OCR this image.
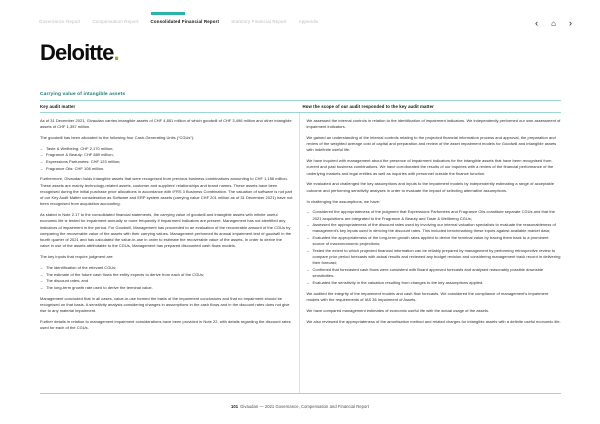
Governance Report	Compensation Report	Consolidated Financial Report	Statutory Financial Report	Appendix	‹ ⌂ ›
Deloitte.
Carrying value of intangible assets
Key audit matter	How the scope of our audit responded to the key audit matter

As of 31 December 2021, Givaudan carries intangible assets of CHF 4,851 million of which goodwill of CHF 3,496 million and other intangible assets of CHF 1,357 million.

The goodwill has been allocated to the following four Cash-Generating Units (“CGUs”):

– Taste & Wellbeing: CHF 2,170 million;
– Fragrance & Beauty: CHF 889 million;
– Expressions Parfumées: CHF 123 million;
– Fragrance Oils: CHF 108 million.

Furthermore, Givaudan holds intangible assets that were recognised from previous business combinations amounting to CHF 1,156 million. These assets are mainly technology-related assets, customer and suppliers' relationships and brand names. These assets have been recognised during the initial purchase price allocations in accordance with IFRS 3 Business Combination. The valuation of software is not part of our Key Audit Matter consideration as Software and ERP system assets (carrying value CHF 201 million as of 31 December 2021) have not been recognised from acquisition accounting.

As stated in Note 2.17 to the consolidated financial statements, the carrying value of goodwill and intangible assets with infinite useful economic life is tested for impairment annually or more frequently if impairment indicators are present. Management has not identified any indicators of impairment in the period. For Goodwill, Management has proceeded to an evaluation of the recoverable amount of the CGUs by comparing the recoverable value of the assets with their carrying values. Management performed its annual impairment test of goodwill in the fourth quarter of 2021 and has calculated the value-in-use in order to estimate the recoverable value of the assets. In order to derive the value in use of the assets attributable to the CGUs, Management has prepared discounted cash flows models.

The key inputs that require judgment are:

– The identification of the relevant CGUs;
– The estimate of the future cash flows the entity expects to derive from each of the CGUs;
– The discount rates; and
– The long-term growth rate used to derive the terminal value.

Management concluded that in all cases, value-in-use formed the basis of the impairment conclusions and that no impairment should be recognised on that basis. A sensitivity analysis considering changes in assumptions in the cash flows and in the discount rates does not give rise to any material impairment.

Further details in relation to management impairment considerations have been provided in Note 22, with details regarding the discount rates used for each of the CGUs.

We assessed the internal controls in relation to the identification of impairment indicators. We independently performed our own assessment of impairment indicators.

We gained an understanding of the internal controls relating to the projected financial information process and approval, the preparation and review of the weighted average cost of capital and preparation and review of the asset impairment models for Goodwill and intangible assets with indefinite useful life.

We have inquired with management about the presence of impairment indicators for the intangible assets that have been recognised from current and past business combinations. We have corroborated the results of our inquiries with a review of the financial performance of the underlying markets and legal entities as well as inquiries with personnel outside the finance function.

We evaluated and challenged the key assumptions and inputs to the impairment models by independently estimating a range of acceptable outcome and performing sensitivity analyses in order to evaluate the impact of selecting alternative assumptions.

In challenging the assumptions, we have:

– Considered the appropriateness of the judgment that Expressions Parfumées and Fragrance Oils constitute separate CGUs and that the 2021 acquisitions are integrated to the Fragrance & Beauty and Taste & Wellbeing CGUs;
– Assessed the appropriateness of the discount rates used by involving our internal valuation specialists to evaluate the reasonableness of management's key inputs used in deriving the discount rates. This included benchmarking these inputs against available market data;
– Evaluated the appropriateness of the long-term growth rates applied to derive the terminal value by tracing them back to a prominent source of macroeconomic projections;
– Tested the extent to which projected financial information can be reliably prepared by management by performing retrospective review to compare prior period forecasts with actual results and reviewed any budget revision and considering management track record in delivering their forecast;
– Confirmed that forecasted cash flows were consistent with Board approved forecasts and analysed reasonably possible downside sensitivities;
– Evaluated the sensitivity in the valuation resulting from changes to the key assumptions applied.

We audited the integrity of the impairment models and cash flow forecasts. We considered the compliance of management's impairment models with the requirements of IAS 36 Impairment of Assets.

We have compared management estimates of economic useful life with the actual usage of the assets.

We also reviewed the appropriateness of the amortisation method and related charges for intangible assets with a definite useful economic life.

101 Givaudan — 2021 Governance, Compensation and Financial Report
